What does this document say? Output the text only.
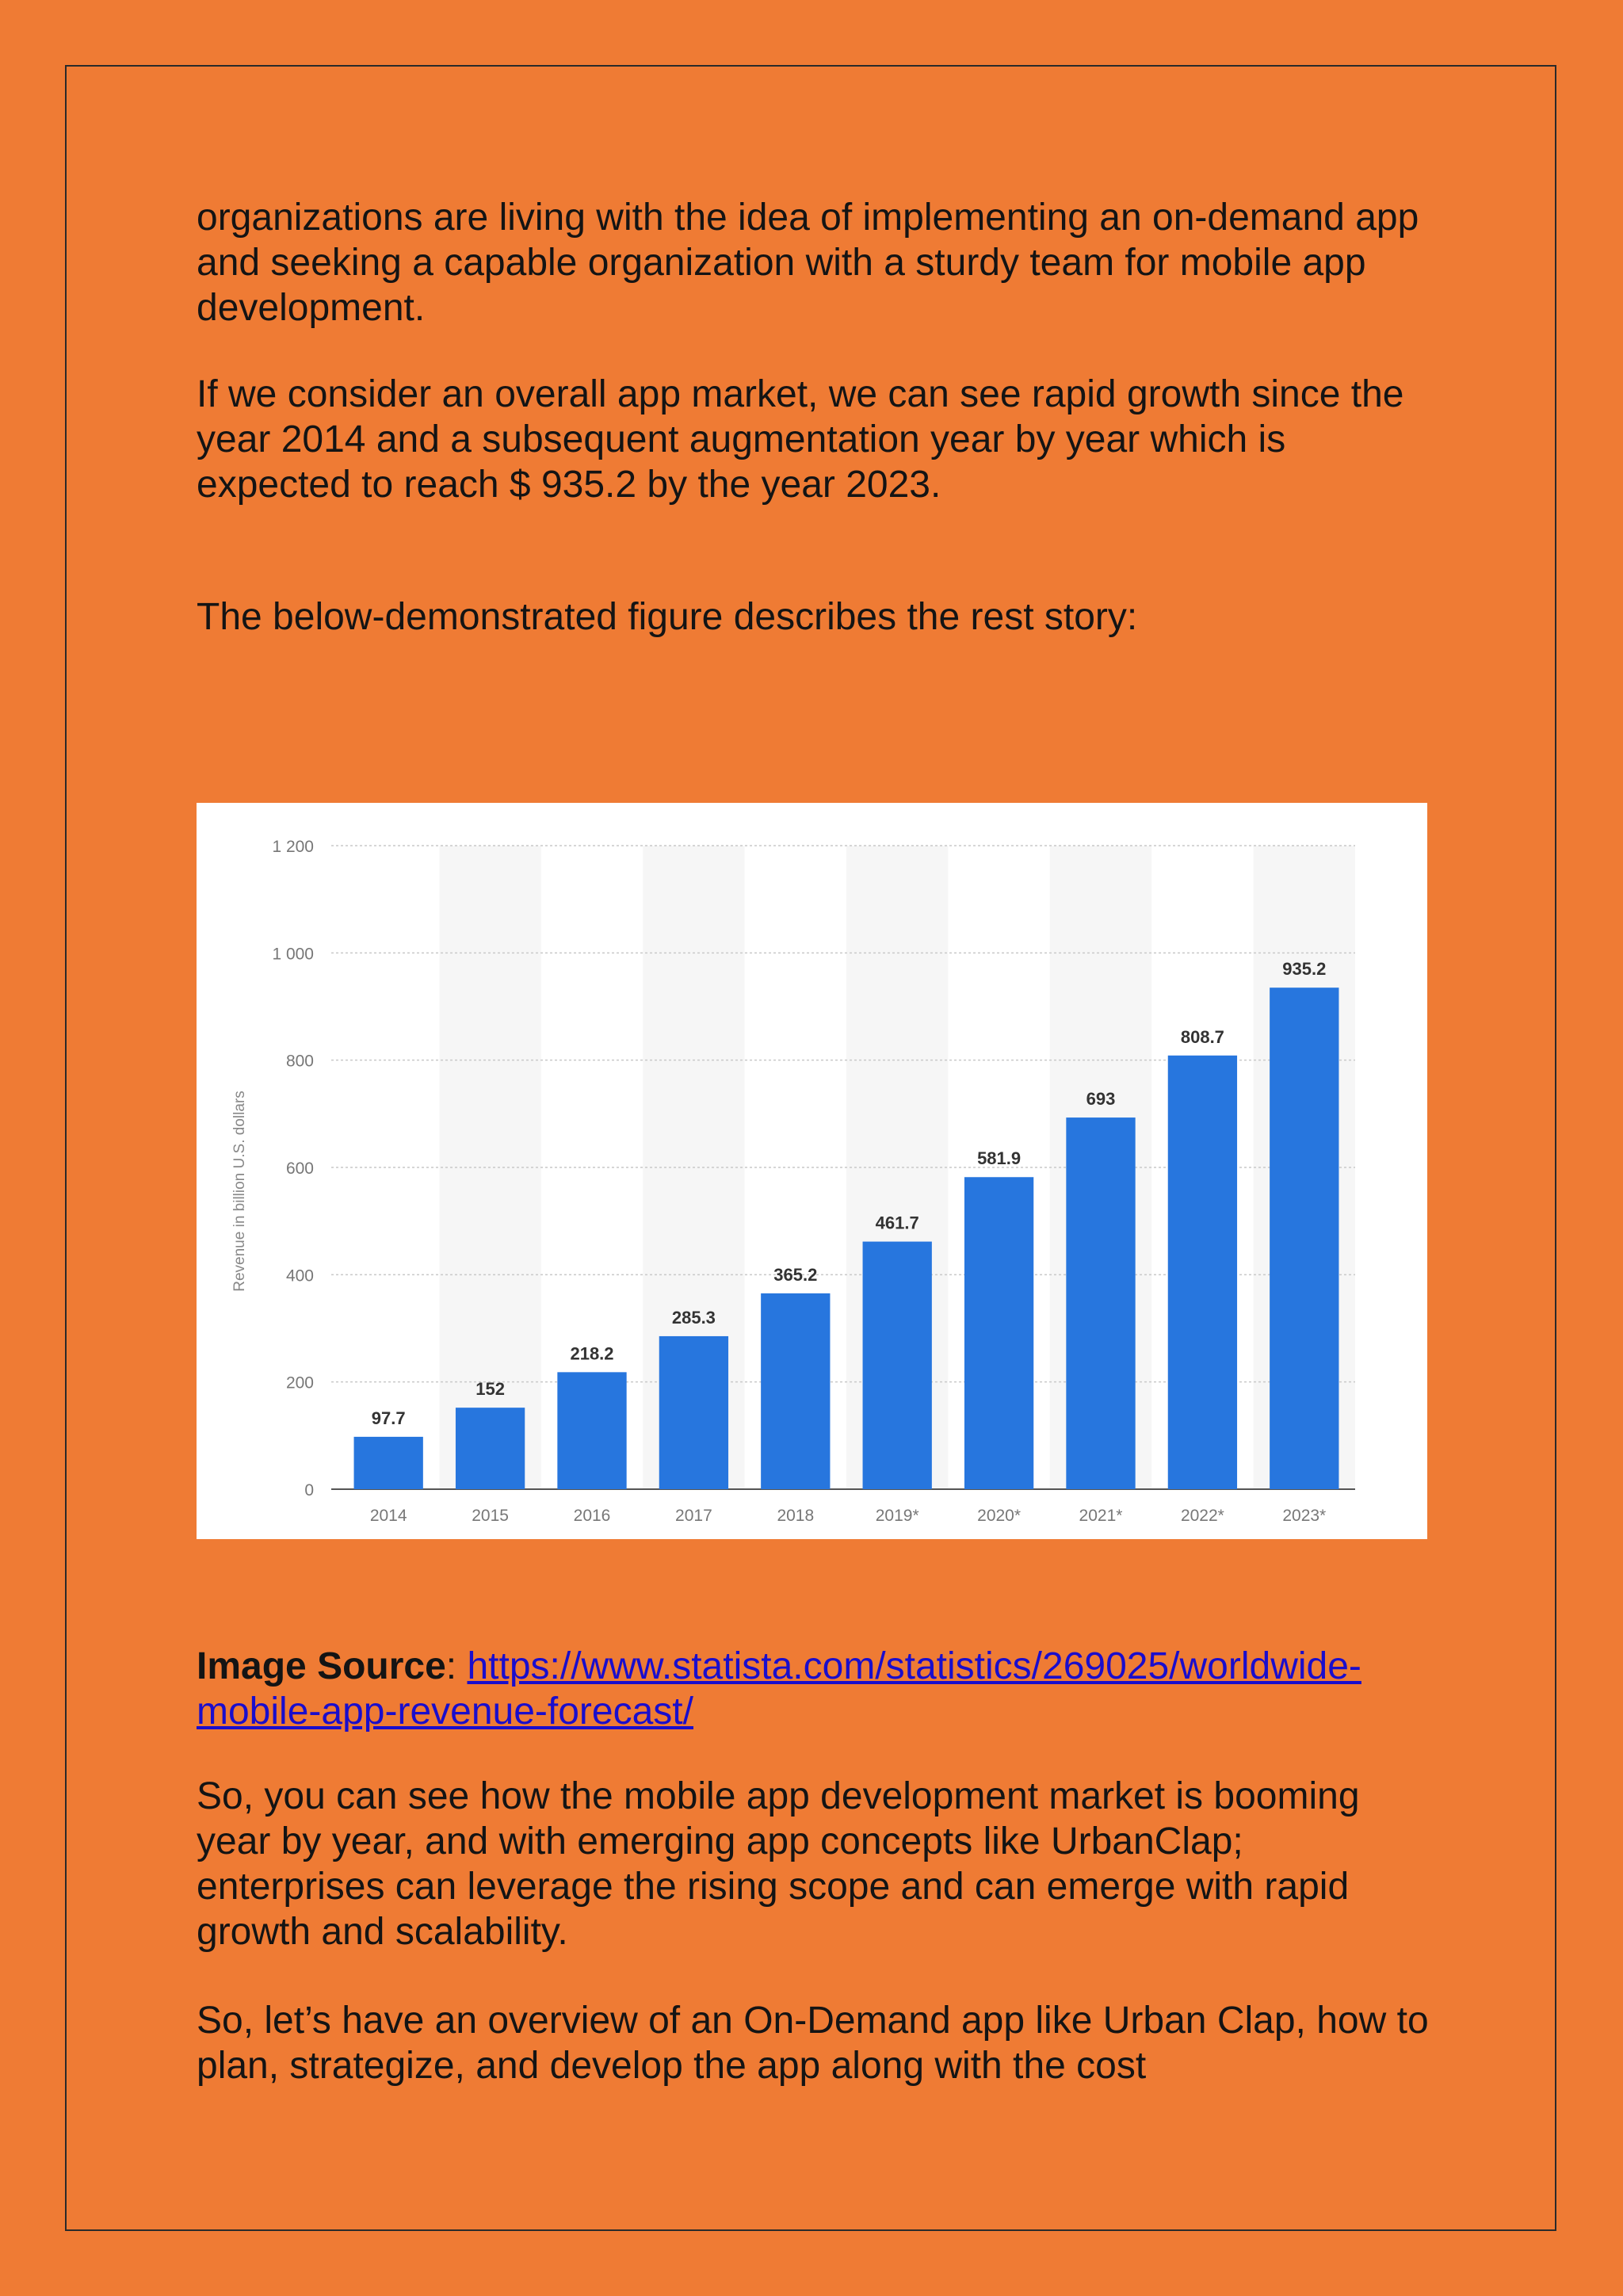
organizations are living with the idea of implementing an on-demand app and seeking a capable organization with a sturdy team for mobile app development.

If we consider an overall app market, we can see rapid growth since the year 2014 and a subsequent augmentation year by year which is expected to reach $ 935.2 by the year 2023.

The below-demonstrated figure describes the rest story:

0
200
400
600
800
1 000
1 200
Revenue in billion U.S. dollars
97.7
2014
152
2015
218.2
2016
285.3
2017
365.2
2018
461.7
2019*
581.9
2020*
693
2021*
808.7
2022*
935.2
2023*

Image Source: https://www.statista.com/statistics/269025/worldwide-mobile-app-revenue-forecast/

So, you can see how the mobile app development market is booming year by year, and with emerging app concepts like UrbanClap; enterprises can leverage the rising scope and can emerge with rapid growth and scalability.

So, let’s have an overview of an On-Demand app like Urban Clap, how to plan, strategize, and develop the app along with the cost
